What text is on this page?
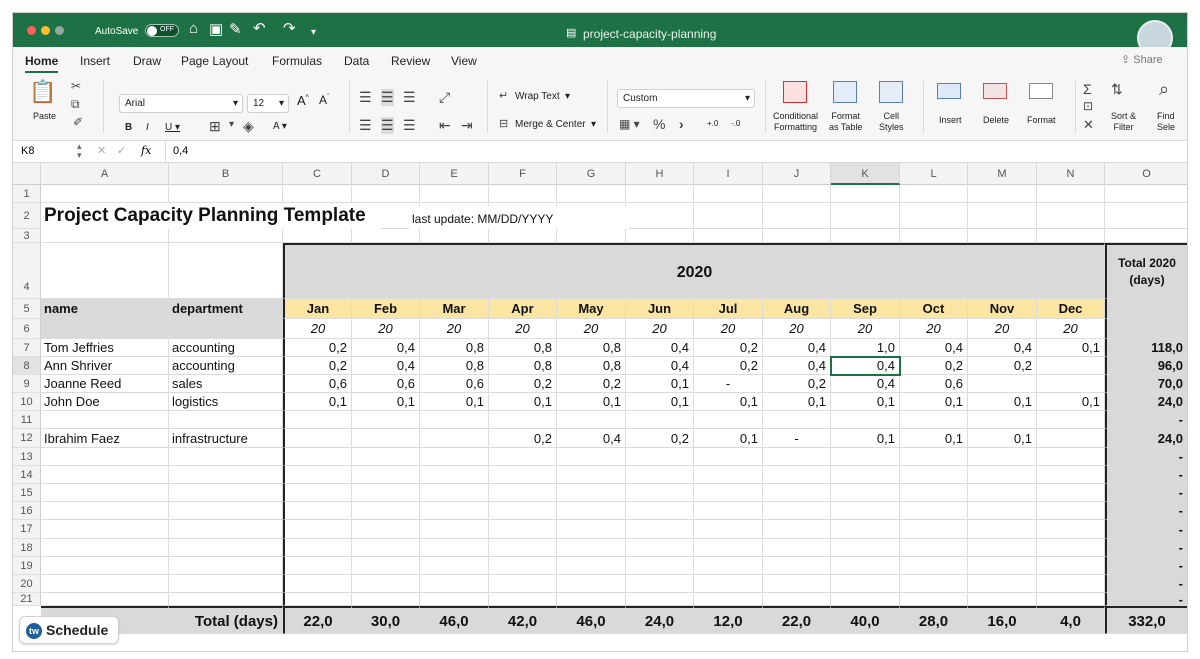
AutoSave	OFF ⌂ ▣ ✎ ↶ ↷ ▾	▤ project-capacity-planning
Home Insert Draw Page Layout Formulas Data Review View	⇪ Share
📋
Paste
✂
⧉
✐
Arial	▾	12 ▾ A^ $A^ˇ$
B I U ▾ ⊞ ▾ ◈ A ▾
☰ ☰ ☰
☰ ☰ ☰
⤢
⇤ ⇥
↵ Wrap Text ▾
⊟ Merge & Center ▾
Custom	▾
▦ ▾ % ›	+.0 -.0
Conditional
Formatting
Format
as Table
Cell
Styles
Insert Delete Format
Σ
⊡
✕
⇅
Sort &
Filter
⌕
Find
Sele
K8	▴
▾ ✕ ✓ fx 0,4
A	B	C	D	E	F	G	H	I	J	K	L	M	N	O
1
2
3
4
5
6
7
8
9
10
11
12
13
14
15
16
17
18
19
20
21
Project Capacity Planning Template	last update: MM/DD/YYYY
2020
Total 2020 (days)
name	department	Jan	Feb	Mar	Apr	May	Jun	Jul	Aug	Sep	Oct	Nov	Dec
20	20	20	20	20	20	20	20	20	20	20	20
Tom Jeffries	accounting	0,2	0,4	0,8	0,8	0,8	0,4	0,2	0,4	1,0	0,4	0,4	0,1	118,0
Ann Shriver	accounting	0,2	0,4	0,8	0,8	0,8	0,4	0,2	0,4	0,4	0,2	0,2	96,0
Joanne Reed	sales	0,6	0,6	0,6	0,2	0,2	0,1	-	0,2	0,4	0,6	70,0
John Doe	logistics	0,1	0,1	0,1	0,1	0,1	0,1	0,1	0,1	0,1	0,1	0,1	0,1	24,0
-
Ibrahim Faez	infrastructure	0,2	0,4	0,2	0,1	-	0,1	0,1	0,1	24,0
-
-
-
-
-
-
-
-
-
Total (days)	22,0	30,0	46,0	42,0	46,0	24,0	12,0	22,0	40,0	28,0	16,0	4,0	332,0
tw Schedule
